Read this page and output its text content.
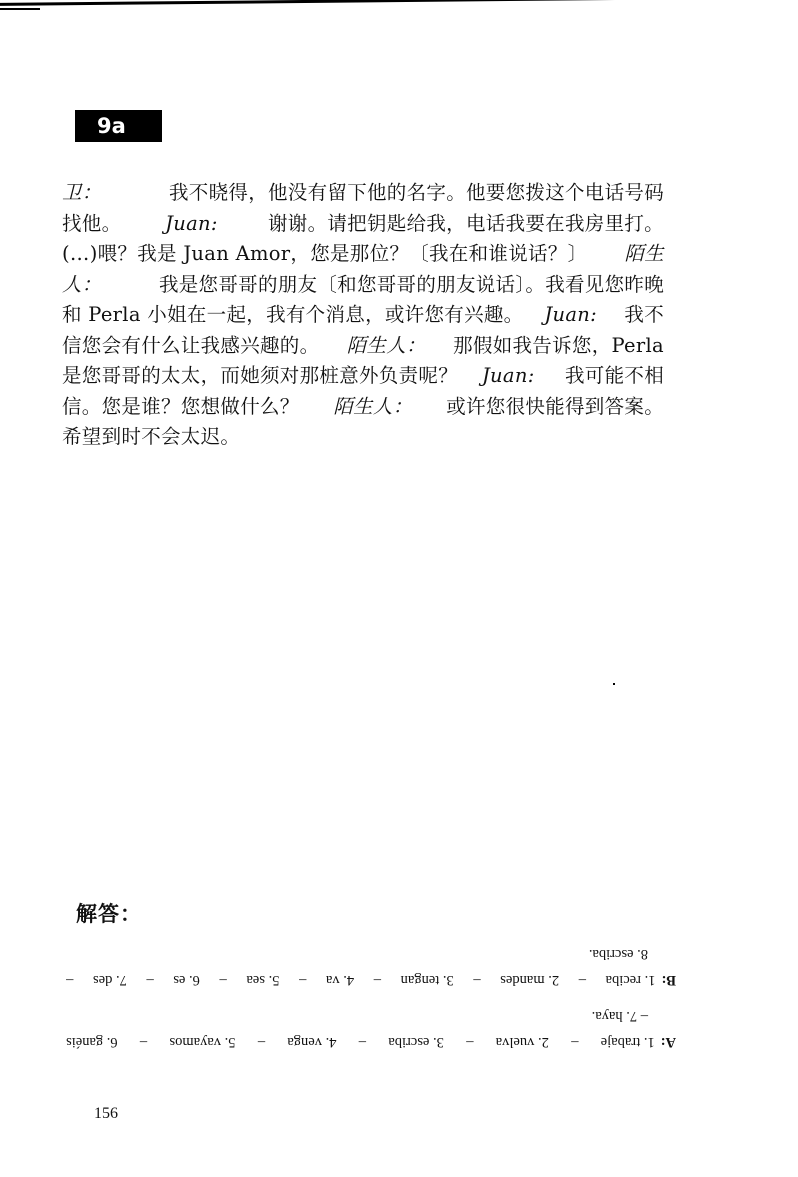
9a
卫： 　我不晓得，他没有留下他的名字。他要您拨这个电话号码
找他。 Juan: 谢谢。请把钥匙给我，电话我要在我房里打。
(…)喂？我是 Juan Amor，您是那位？〔我在和谁说话？〕 陌生
人：	我是您哥哥的朋友〔和您哥哥的朋友说话〕。我看见您昨晚
和 Perla 小姐在一起，我有个消息，或许您有兴趣。 Juan: 我不
信您会有什么让我感兴趣的。 陌生人： 那假如我告诉您，Perla
是您哥哥的太太，而她须对那桩意外负责呢？ Juan: 我可能不相
信。您是谁？您想做什么？ 陌生人： 或许您很快能得到答案。
希望到时不会太迟。
解答：
A:1. trabaje
–
2. vuelva
–
3. escriba
–
4. venga
–
5. vayamos
–
6. ganéis
– 7. haya.
B:1. reciba
–
2. mandes
–
3. tengan
–
4. va
–
5. sea
–
6. es
–
7. des
–
8. escriba.
156
